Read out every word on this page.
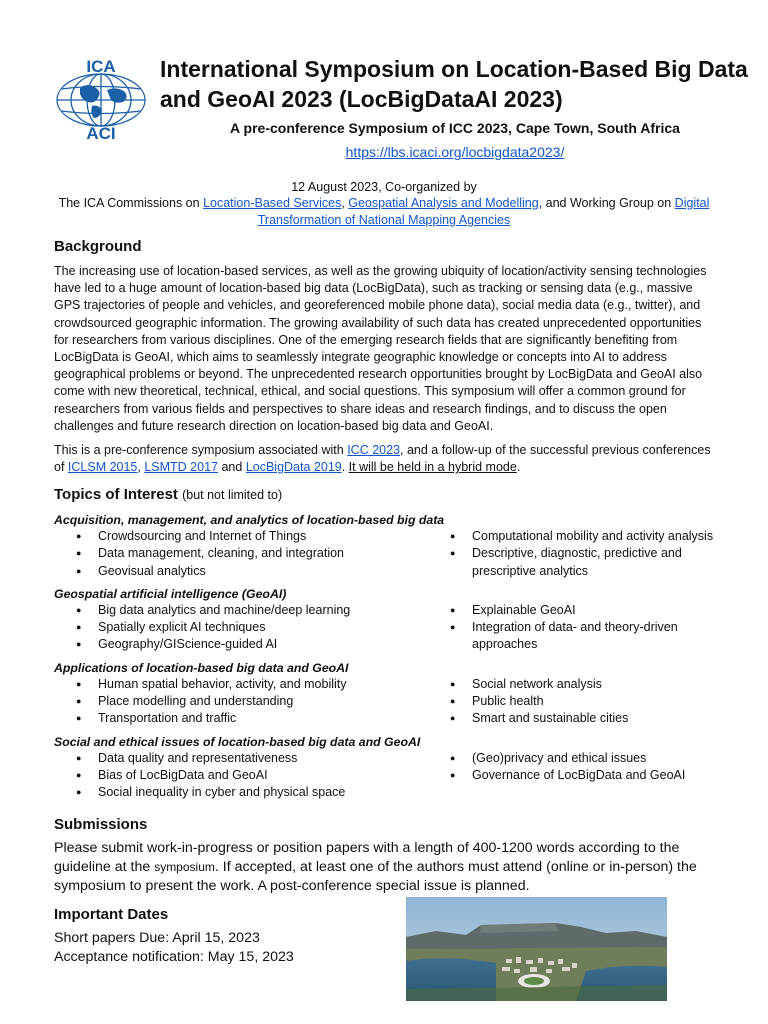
ICA
ACI
International Symposium on Location-Based Big Data and GeoAI 2023 (LocBigDataAI 2023)
A pre-conference Symposium of ICC 2023, Cape Town, South Africa
https://lbs.icaci.org/locbigdata2023/
12 August 2023, Co-organized by
The ICA Commissions on Location-Based Services, Geospatial Analysis and Modelling, and Working Group on Digital Transformation of National Mapping Agencies
Background

The increasing use of location-based services, as well as the growing ubiquity of location/activity sensing technologies have led to a huge amount of location-based big data (LocBigData), such as tracking or sensing data (e.g., massive GPS trajectories of people and vehicles, and georeferenced mobile phone data), social media data (e.g., twitter), and crowdsourced geographic information. The growing availability of such data has created unprecedented opportunities for researchers from various disciplines. One of the emerging research fields that are significantly benefiting from LocBigData is GeoAI, which aims to seamlessly integrate geographic knowledge or concepts into AI to address geographical problems or beyond. The unprecedented research opportunities brought by LocBigData and GeoAI also come with new theoretical, technical, ethical, and social questions. This symposium will offer a common ground for researchers from various fields and perspectives to share ideas and research findings, and to discuss the open challenges and future research direction on location-based big data and GeoAI.

This is a pre-conference symposium associated with ICC 2023, and a follow-up of the successful previous conferences of ICLSM 2015, LSMTD 2017 and LocBigData 2019. It will be held in a hybrid mode.

Topics of Interest (but not limited to)

Acquisition, management, and analytics of location-based big data

● Crowdsourcing and Internet of Things
● Data management, cleaning, and integration
● Geovisual analytics
● Computational mobility and activity analysis
● Descriptive, diagnostic, predictive and prescriptive analytics

Geospatial artificial intelligence (GeoAI)

● Big data analytics and machine/deep learning
● Spatially explicit AI techniques
● Geography/GIScience-guided AI
● Explainable GeoAI
● Integration of data- and theory-driven approaches

Applications of location-based big data and GeoAI

● Human spatial behavior, activity, and mobility
● Place modelling and understanding
● Transportation and traffic
● Social network analysis
● Public health
● Smart and sustainable cities

Social and ethical issues of location-based big data and GeoAI

● Data quality and representativeness
● Bias of LocBigData and GeoAI
● Social inequality in cyber and physical space
● (Geo)privacy and ethical issues
● Governance of LocBigData and GeoAI
Submissions

Please submit work-in-progress or position papers with a length of 400-1200 words according to the guideline at the symposium. If accepted, at least one of the authors must attend (online or in-person) the symposium to present the work. A post-conference special issue is planned.

Important Dates
Short papers Due: April 15, 2023
Acceptance notification: May 15, 2023
